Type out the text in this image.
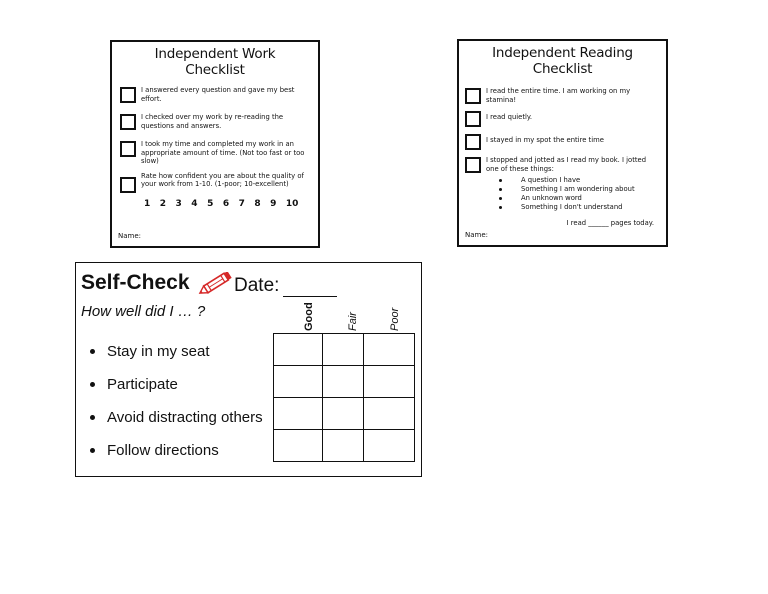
Independent Work
Checklist
I answered every question and gave my best effort.
I checked over my work by re-reading the questions and answers.
I took my time and completed my work in an appropriate amount of time. (Not too fast or too slow)
Rate how confident you are about the quality of your work from 1-10. (1-poor; 10-excellent)
1 2 3 4 5 6 7 8 9 10
Name:
Independent Reading
Checklist
I read the entire time. I am working on my stamina!
I read quietly.
I stayed in my spot the entire time
I stopped and jotted as I read my book. I jotted one of these things:
A question I have
Something I am wondering about
An unknown word
Something I don't understand
I read ______ pages today.
Name:
Self-Check Date:
How well did I … ?	Good	Fair	Poor
Stay in my seat
Participate
Avoid distracting others
Follow directions
